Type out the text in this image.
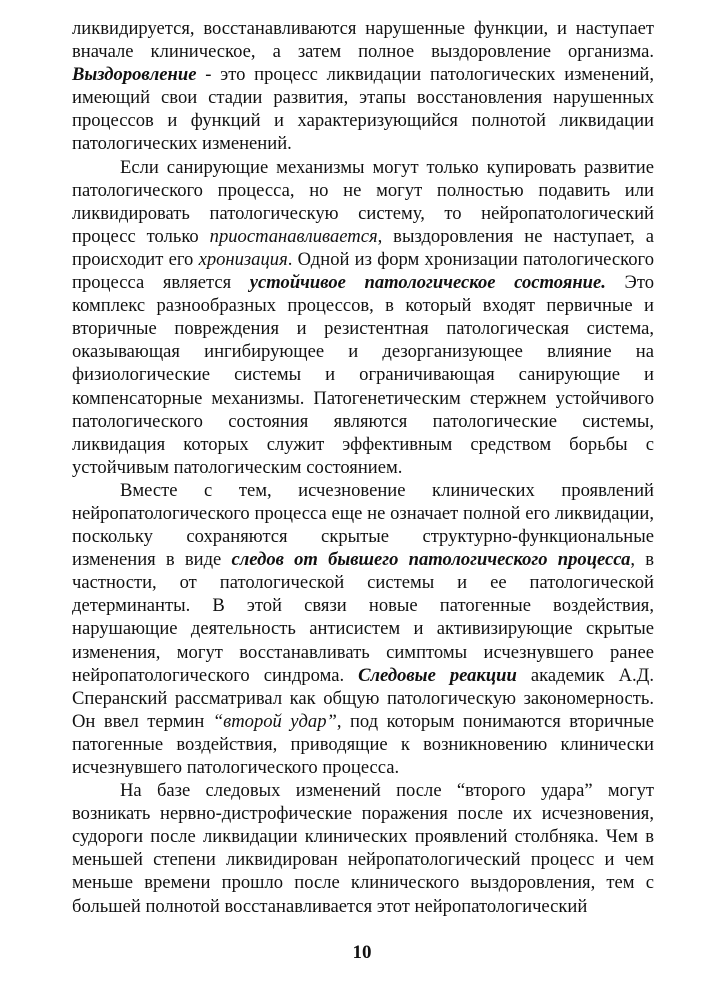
ликвидируется, восстанавливаются нарушенные функции, и наступает вначале клиническое, а затем полное выздоровление организма. Выздоровление - это процесс ликвидации патологических изменений, имеющий свои стадии развития, этапы восстановления нарушенных процессов и функций и характеризующийся полнотой ликвидации патологических изменений.

Если санирующие механизмы могут только купировать развитие патологического процесса, но не могут полностью подавить или ликвидировать патологическую систему, то нейропатологический процесс только приостанавливается, выздоровления не наступает, а происходит его хронизация. Одной из форм хронизации патологического процесса является устойчивое патологическое состояние. Это комплекс разнообразных процессов, в который входят первичные и вторичные повреждения и резистентная патологическая система, оказывающая ингибирующее и дезорганизующее влияние на физиологические системы и ограничивающая санирующие и компенсаторные механизмы. Патогенетическим стержнем устойчивого патологического состояния являются патологические системы, ликвидация которых служит эффективным средством борьбы с устойчивым патологическим состоянием.

Вместе с тем, исчезновение клинических проявлений нейропатологического процесса еще не означает полной его ликвидации, поскольку сохраняются скрытые структурно-функциональные изменения в виде следов от бывшего патологического процесса, в частности, от патологической системы и ее патологической детерминанты. В этой связи новые патогенные воздействия, нарушающие деятельность антисистем и активизирующие скрытые изменения, могут восстанавливать симптомы исчезнувшего ранее нейропатологического синдрома. Следовые реакции академик А.Д. Сперанский рассматривал как общую патологическую закономерность. Он ввел термин “второй удар”, под которым понимаются вторичные патогенные воздействия, приводящие к возникновению клинически исчезнувшего патологического процесса.

На базе следовых изменений после “второго удара” могут возникать нервно-дистрофические поражения после их исчезновения, судороги после ликвидации клинических проявлений столбняка. Чем в меньшей степени ликвидирован нейропатологический процесс и чем меньше времени прошло после клинического выздоровления, тем с большей полнотой восстанавливается этот нейропатологический

10
